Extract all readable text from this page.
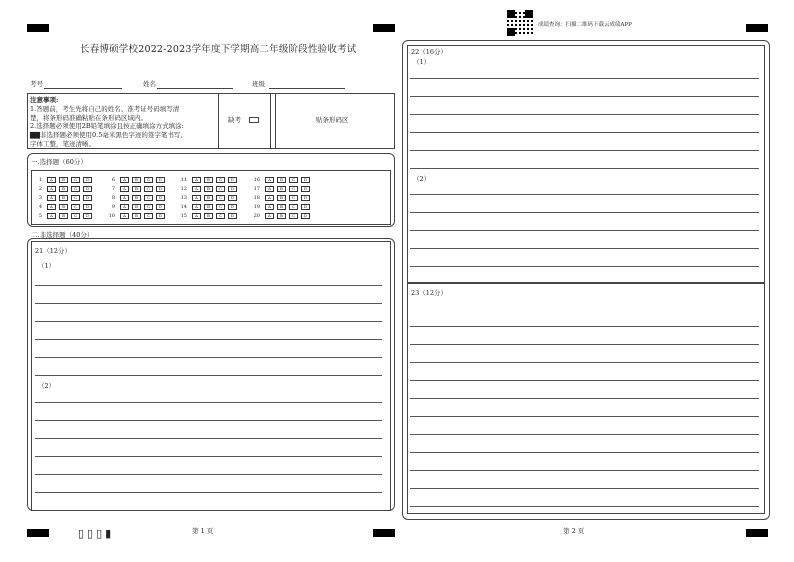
成绩查询：扫描二维码下载云成绩APP
长春博硕学校2022-2023学年度下学期高二年级阶段性验收考试
考号	姓名	班级
注意事项:
1.答题前，考生先将自己的姓名、准考证号码填写清
楚，将条形码准确粘贴在条形码区域内。
2.选择题必须使用2B铅笔填涂且按正确填涂方式填涂:
▇▇非选择题必须使用0.5毫米黑色字迹的签字笔书写,
字体工整，笔迹清晰。
缺考	贴条形码区
一.选择题（60分）
1	A	B	C	D
2	A	B	C	D
3	A	B	C	D
4	A	B	C	D
5	A	B	C	D
6	A	B	C	D
7	A	B	C	D
8	A	B	C	D
9	A	B	C	D
10	A	B	C	D
11	A	B	C	D
12	A	B	C	D
13	A	B	C	D
14	A	B	C	D
15	A	B	C	D
16	A	B	C	D
17	A	B	C	D
18	A	B	C	D
19	A	B	C	D
20	A	B	C	D
二.非选择题（40分）
21（12分）
（1）
（2）
▯▯▯▮	第 1 页
22（16分）
（1）
（2）
23（12分）
第 2 页
